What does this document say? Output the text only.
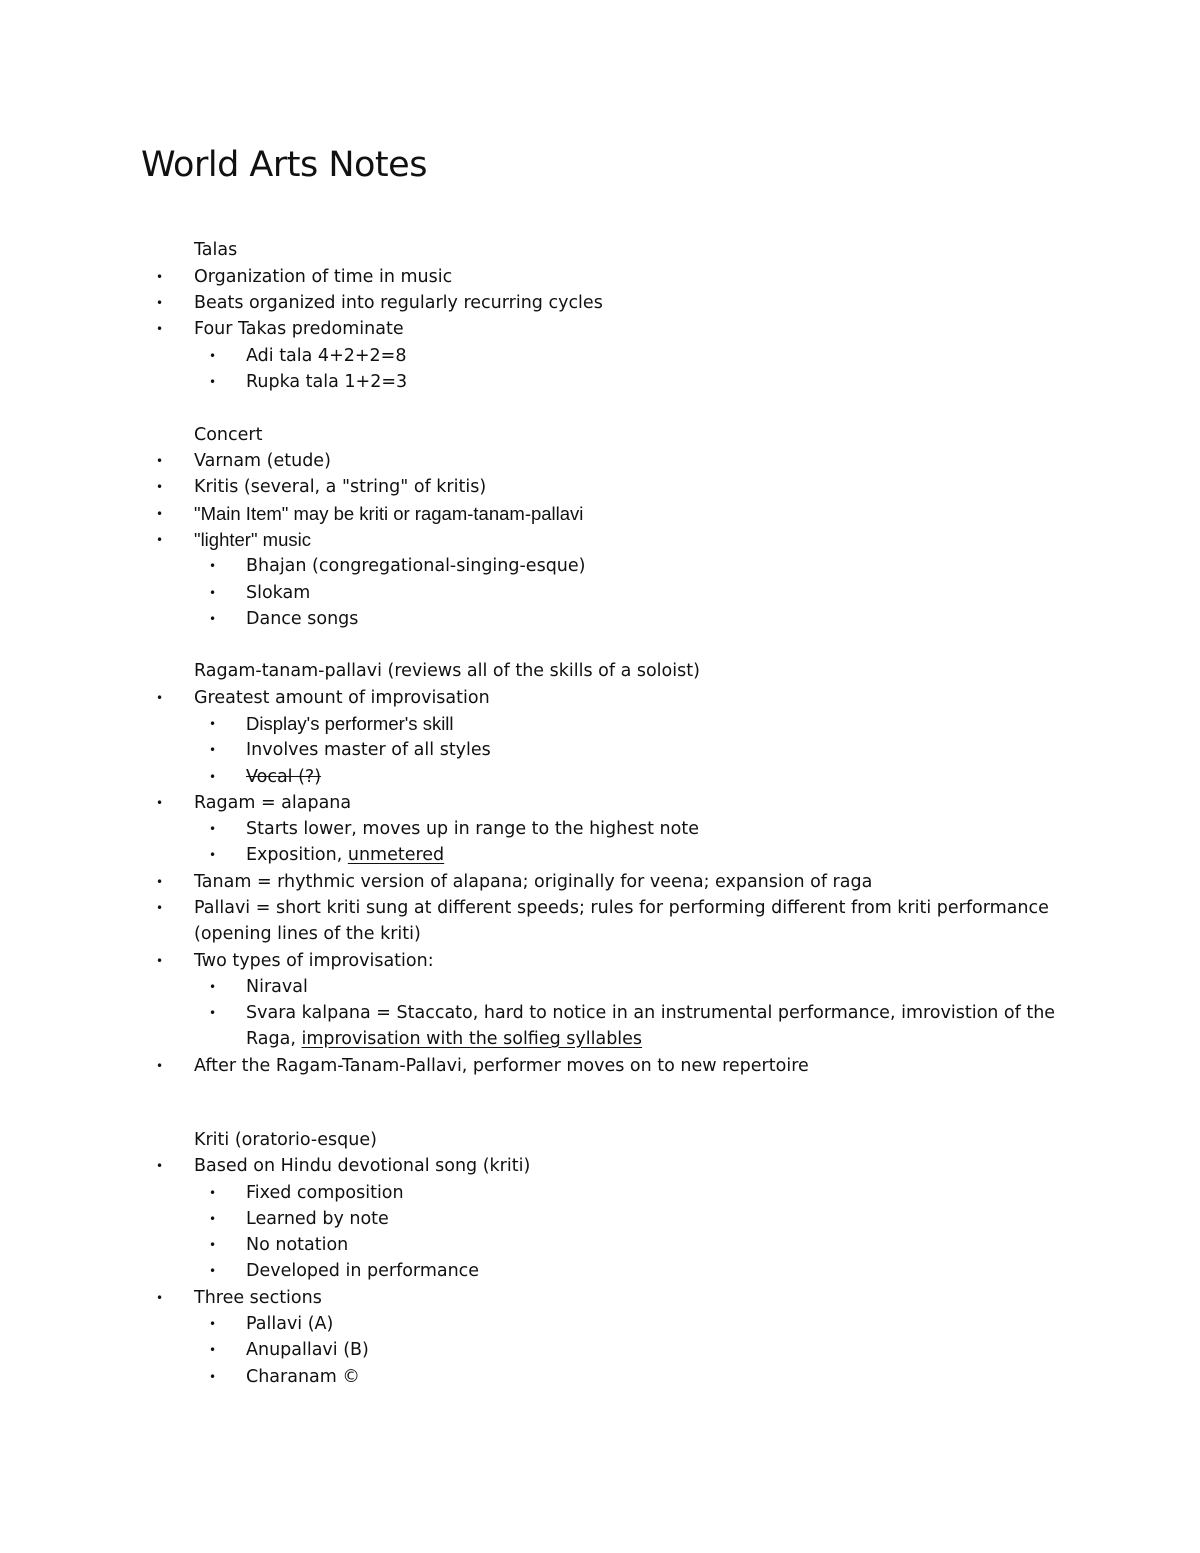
World Arts Notes
Talas
• Organization of time in music
• Beats organized into regularly recurring cycles
• Four Takas predominate
• Adi tala 4+2+2=8
• Rupka tala 1+2=3
Concert
• Varnam (etude)
• Kritis (several, a "string" of kritis)
• "Main Item" may be kriti or ragam-tanam-pallavi
• "lighter" music
• Bhajan (congregational-singing-esque)
• Slokam
• Dance songs
Ragam-tanam-pallavi (reviews all of the skills of a soloist)
• Greatest amount of improvisation
• Display's performer's skill
• Involves master of all styles
• Vocal (?)
• Ragam = alapana
• Starts lower, moves up in range to the highest note
• Exposition, unmetered
• Tanam = rhythmic version of alapana; originally for veena; expansion of raga
• Pallavi = short kriti sung at different speeds; rules for performing different from kriti performance
(opening lines of the kriti)
• Two types of improvisation:
• Niraval
• Svara kalpana = Staccato, hard to notice in an instrumental performance, imrovistion of the
Raga, improvisation with the solfieg syllables
• After the Ragam-Tanam-Pallavi, performer moves on to new repertoire
Kriti (oratorio-esque)
• Based on Hindu devotional song (kriti)
• Fixed composition
• Learned by note
• No notation
• Developed in performance
• Three sections
• Pallavi (A)
• Anupallavi (B)
• Charanam ©
